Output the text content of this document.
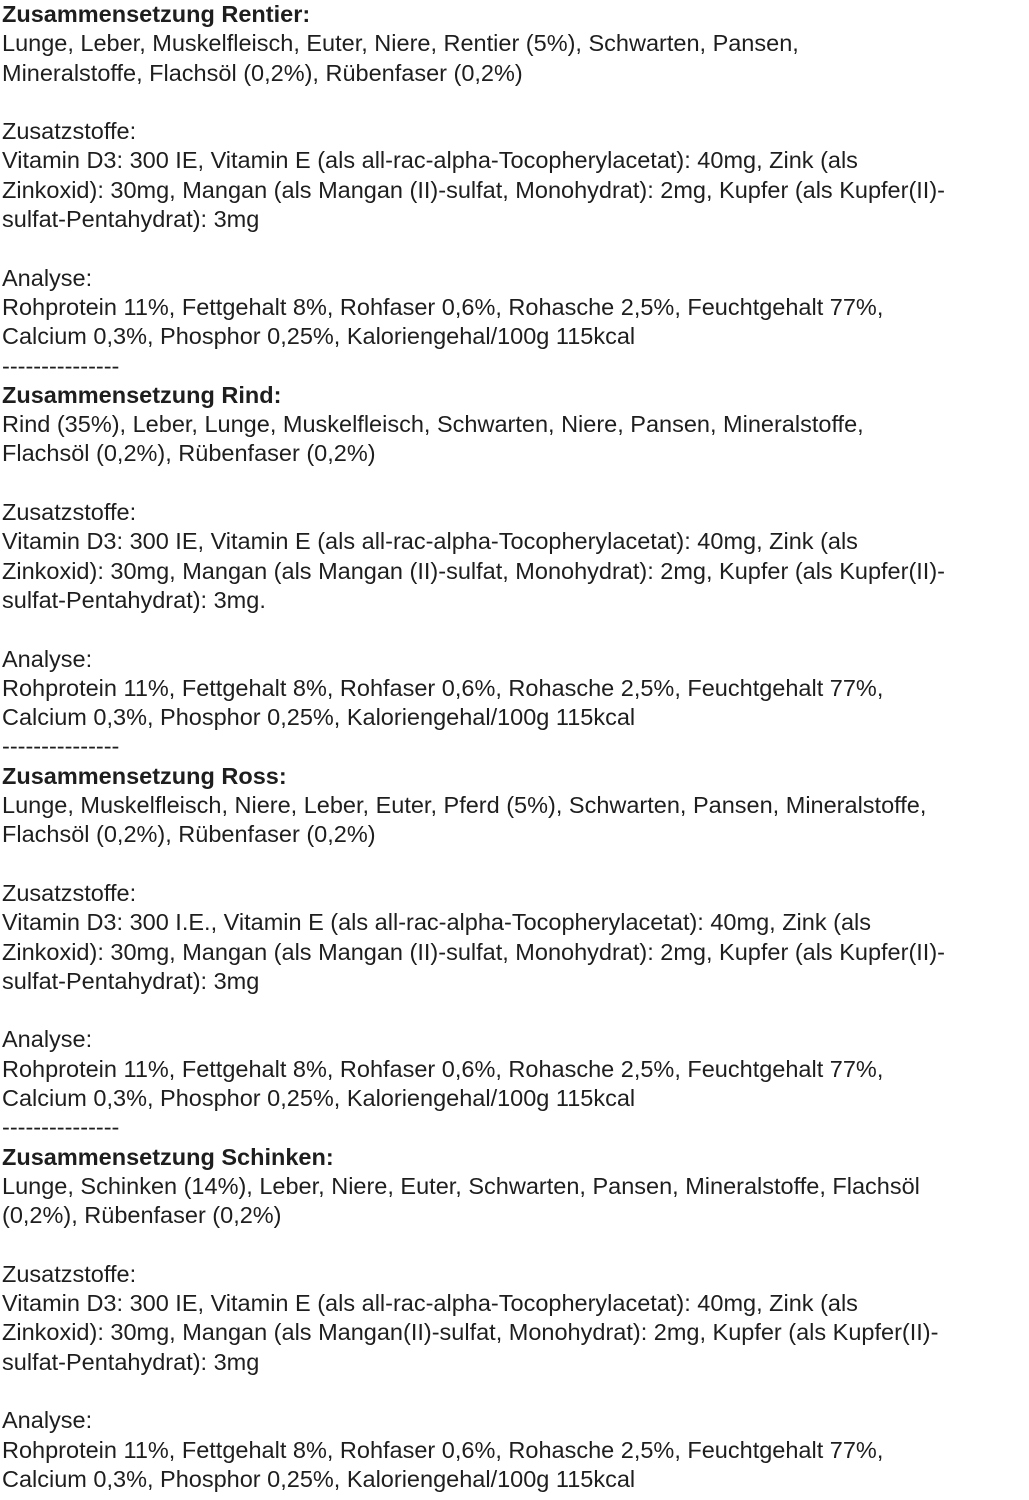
Zusammensetzung Rentier:
Lunge, Leber, Muskelfleisch, Euter, Niere, Rentier (5%), Schwarten, Pansen,
Mineralstoffe, Flachsöl (0,2%), Rübenfaser (0,2%)
Zusatzstoffe:
Vitamin D3: 300 IE, Vitamin E (als all-rac-alpha-Tocopherylacetat): 40mg, Zink (als
Zinkoxid): 30mg, Mangan (als Mangan (II)-sulfat, Monohydrat): 2mg, Kupfer (als Kupfer(II)-
sulfat-Pentahydrat): 3mg
Analyse:
Rohprotein 11%, Fettgehalt 8%, Rohfaser 0,6%, Rohasche 2,5%, Feuchtgehalt 77%,
Calcium 0,3%, Phosphor 0,25%, Kaloriengehal/100g 115kcal
---------------
Zusammensetzung Rind:
Rind (35%), Leber, Lunge, Muskelfleisch, Schwarten, Niere, Pansen, Mineralstoffe,
Flachsöl (0,2%), Rübenfaser (0,2%)
Zusatzstoffe:
Vitamin D3: 300 IE, Vitamin E (als all-rac-alpha-Tocopherylacetat): 40mg, Zink (als
Zinkoxid): 30mg, Mangan (als Mangan (II)-sulfat, Monohydrat): 2mg, Kupfer (als Kupfer(II)-
sulfat-Pentahydrat): 3mg.
Analyse:
Rohprotein 11%, Fettgehalt 8%, Rohfaser 0,6%, Rohasche 2,5%, Feuchtgehalt 77%,
Calcium 0,3%, Phosphor 0,25%, Kaloriengehal/100g 115kcal
---------------
Zusammensetzung Ross:
Lunge, Muskelfleisch, Niere, Leber, Euter, Pferd (5%), Schwarten, Pansen, Mineralstoffe,
Flachsöl (0,2%), Rübenfaser (0,2%)
Zusatzstoffe:
Vitamin D3: 300 I.E., Vitamin E (als all-rac-alpha-Tocopherylacetat): 40mg, Zink (als
Zinkoxid): 30mg, Mangan (als Mangan (II)-sulfat, Monohydrat): 2mg, Kupfer (als Kupfer(II)-
sulfat-Pentahydrat): 3mg
Analyse:
Rohprotein 11%, Fettgehalt 8%, Rohfaser 0,6%, Rohasche 2,5%, Feuchtgehalt 77%,
Calcium 0,3%, Phosphor 0,25%, Kaloriengehal/100g 115kcal
---------------
Zusammensetzung Schinken:
Lunge, Schinken (14%), Leber, Niere, Euter, Schwarten, Pansen, Mineralstoffe, Flachsöl
(0,2%), Rübenfaser (0,2%)
Zusatzstoffe:
Vitamin D3: 300 IE, Vitamin E (als all-rac-alpha-Tocopherylacetat): 40mg, Zink (als
Zinkoxid): 30mg, Mangan (als Mangan(II)-sulfat, Monohydrat): 2mg, Kupfer (als Kupfer(II)-
sulfat-Pentahydrat): 3mg
Analyse:
Rohprotein 11%, Fettgehalt 8%, Rohfaser 0,6%, Rohasche 2,5%, Feuchtgehalt 77%,
Calcium 0,3%, Phosphor 0,25%, Kaloriengehal/100g 115kcal
